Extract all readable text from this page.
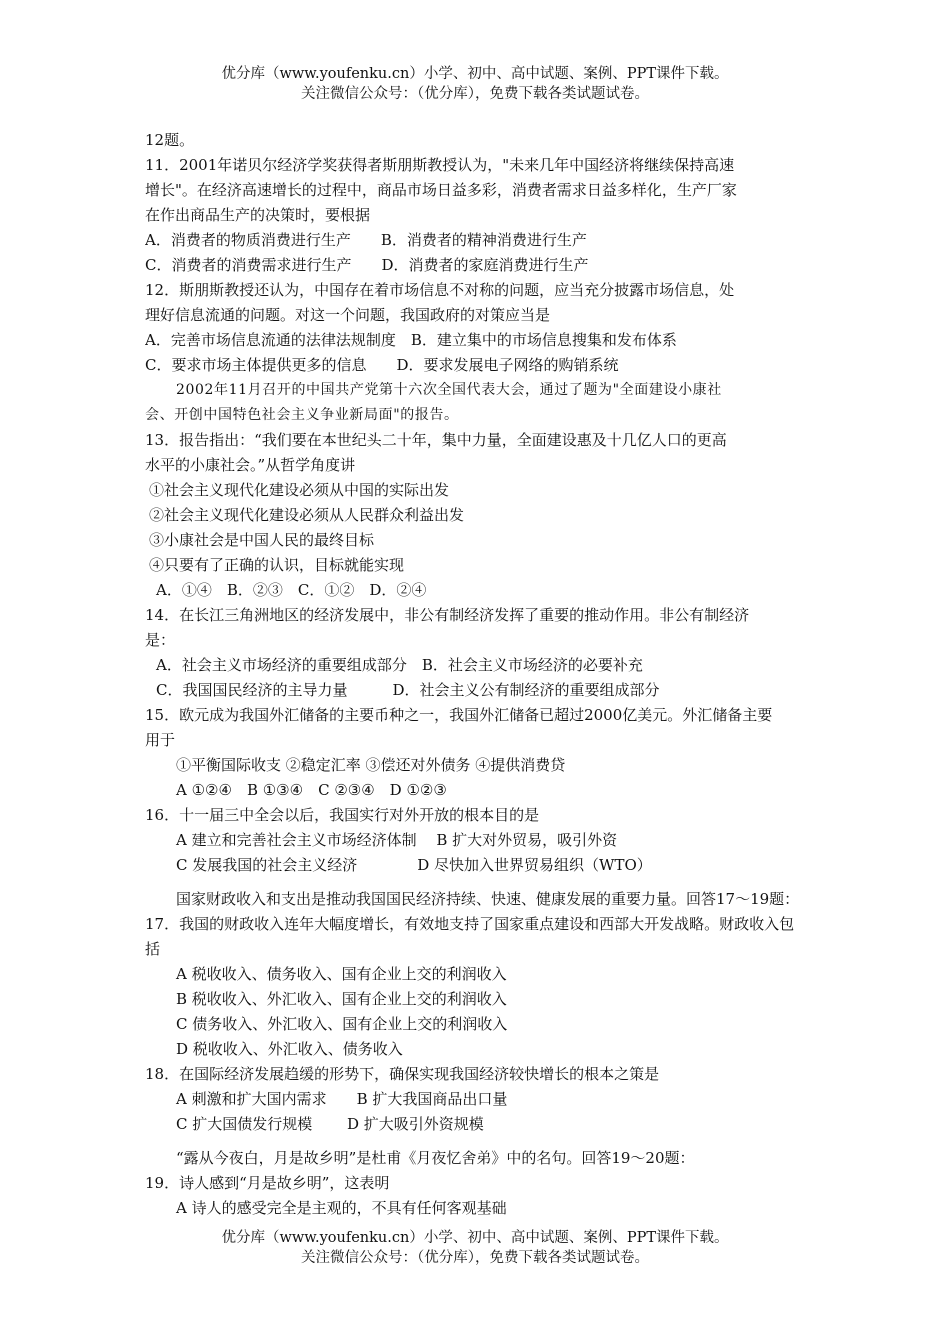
优分库（www.youfenku.cn）小学、初中、高中试题、案例、PPT课件下载。
关注微信公众号：（优分库），免费下载各类试题试卷。
12题。
11．2001年诺贝尔经济学奖获得者斯朋斯教授认为，"未来几年中国经济将继续保持高速
增长"。在经济高速增长的过程中，商品市场日益多彩，消费者需求日益多样化，生产厂家
在作出商品生产的决策时，要根据
A．消费者的物质消费进行生产　　B．消费者的精神消费进行生产
C．消费者的消费需求进行生产　　D．消费者的家庭消费进行生产
12．斯朋斯教授还认为，中国存在着市场信息不对称的问题，应当充分披露市场信息，处
理好信息流通的问题。对这一个问题，我国政府的对策应当是
A．完善市场信息流通的法律法规制度　B．建立集中的市场信息搜集和发布体系
C．要求市场主体提供更多的信息　　D．要求发展电子网络的购销系统
2002年11月召开的中国共产党第十六次全国代表大会，通过了题为"全面建设小康社
会、开创中国特色社会主义争业新局面"的报告。
13．报告指出：“我们要在本世纪头二十年，集中力量，全面建设惠及十几亿人口的更高
水平的小康社会。”从哲学角度讲
①社会主义现代化建设必须从中国的实际出发
②社会主义现代化建设必须从人民群众利益出发
③小康社会是中国人民的最终目标
④只要有了正确的认识，目标就能实现
A．①④　B．②③　C．①②　D．②④
14．在长江三角洲地区的经济发展中，非公有制经济发挥了重要的推动作用。非公有制经济
是：
A．社会主义市场经济的重要组成部分　B．社会主义市场经济的必要补充
C．我国国民经济的主导力量　　　D．社会主义公有制经济的重要组成部分
15．欧元成为我国外汇储备的主要币种之一，我国外汇储备已超过2000亿美元。外汇储备主要
用于
①平衡国际收支 ②稳定汇率 ③偿还对外债务 ④提供消费贷
A ①②④　B ①③④　C ②③④　D ①②③
16．十一届三中全会以后，我国实行对外开放的根本目的是
A 建立和完善社会主义市场经济体制　 B 扩大对外贸易，吸引外资
C 发展我国的社会主义经济　　　　D 尽快加入世界贸易组织（WTO）
国家财政收入和支出是推动我国国民经济持续、快速、健康发展的重要力量。回答17～19题：
17．我国的财政收入连年大幅度增长，有效地支持了国家重点建设和西部大开发战略。财政收入包
括
A 税收收入、债务收入、国有企业上交的利润收入
B 税收收入、外汇收入、国有企业上交的利润收入
C 债务收入、外汇收入、国有企业上交的利润收入
D 税收收入、外汇收入、债务收入
18．在国际经济发展趋缓的形势下，确保实现我国经济较快增长的根本之策是
A 刺激和扩大国内需求　　B 扩大我国商品出口量
C 扩大国债发行规模　　 D 扩大吸引外资规模
“露从今夜白，月是故乡明”是杜甫《月夜忆舍弟》中的名句。回答19～20题：
19．诗人感到“月是故乡明”，这表明
A 诗人的感受完全是主观的，不具有任何客观基础
优分库（www.youfenku.cn）小学、初中、高中试题、案例、PPT课件下载。
关注微信公众号：（优分库），免费下载各类试题试卷。
